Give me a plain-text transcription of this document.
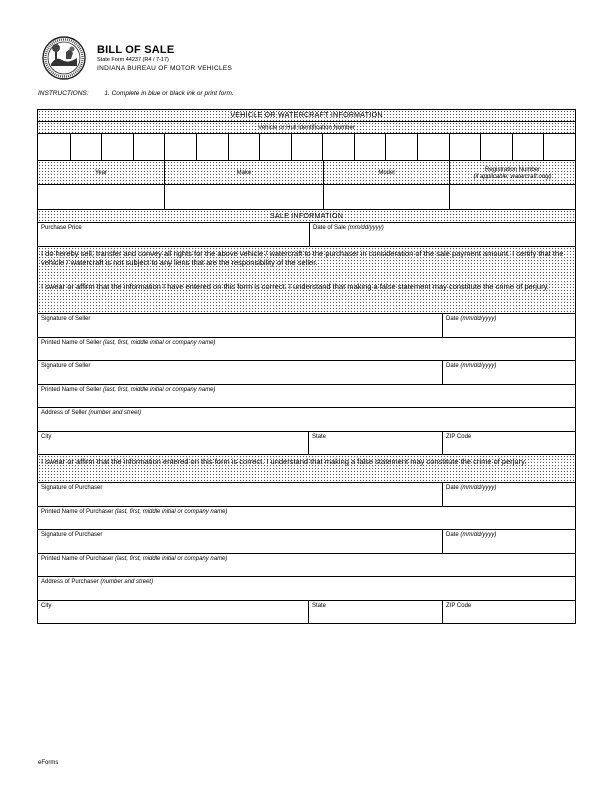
BILL OF SALE
State Form 44237 (R4 / 7-17)
INDIANA BUREAU OF MOTOR VEHICLES
INSTRUCTIONS: 1. Complete in blue or black ink or print form.
VEHICLE OR WATERCRAFT INFORMATION
Vehicle or Hull Identification Number
Year	Make	Model	Registration Number
(if applicable; watercraft only)
SALE INFORMATION
Purchase Price	Date of Sale (mm/dd/yyyy)
I do hereby sell, transfer and convey all rights for the above vehicle / watercraft to the purchaser in consideration of the sale payment amount. I certify that the vehicle / watercraft is not subject to any liens that are the responsibility of the seller.
I swear or affirm that the information I have entered on this form is correct. I understand that making a false statement may constitute the crime of perjury.
Signature of Seller	Date (mm/dd/yyyy)
Printed Name of Seller (last, first, middle initial or company name)
Signature of Seller	Date (mm/dd/yyyy)
Printed Name of Seller (last, first, middle initial or company name)
Address of Seller (number and street)
City	State	ZIP Code
I swear or affirm that the information entered on this form is correct. I understand that making a false statement may constitute the crime of perjury.
Signature of Purchaser	Date (mm/dd/yyyy)
Printed Name of Purchaser (last, first, middle initial or company name)
Signature of Purchaser	Date (mm/dd/yyyy)
Printed Name of Purchaser (last, first, middle initial or company name)
Address of Purchaser (number and street)
City	State	ZIP Code
eForms
